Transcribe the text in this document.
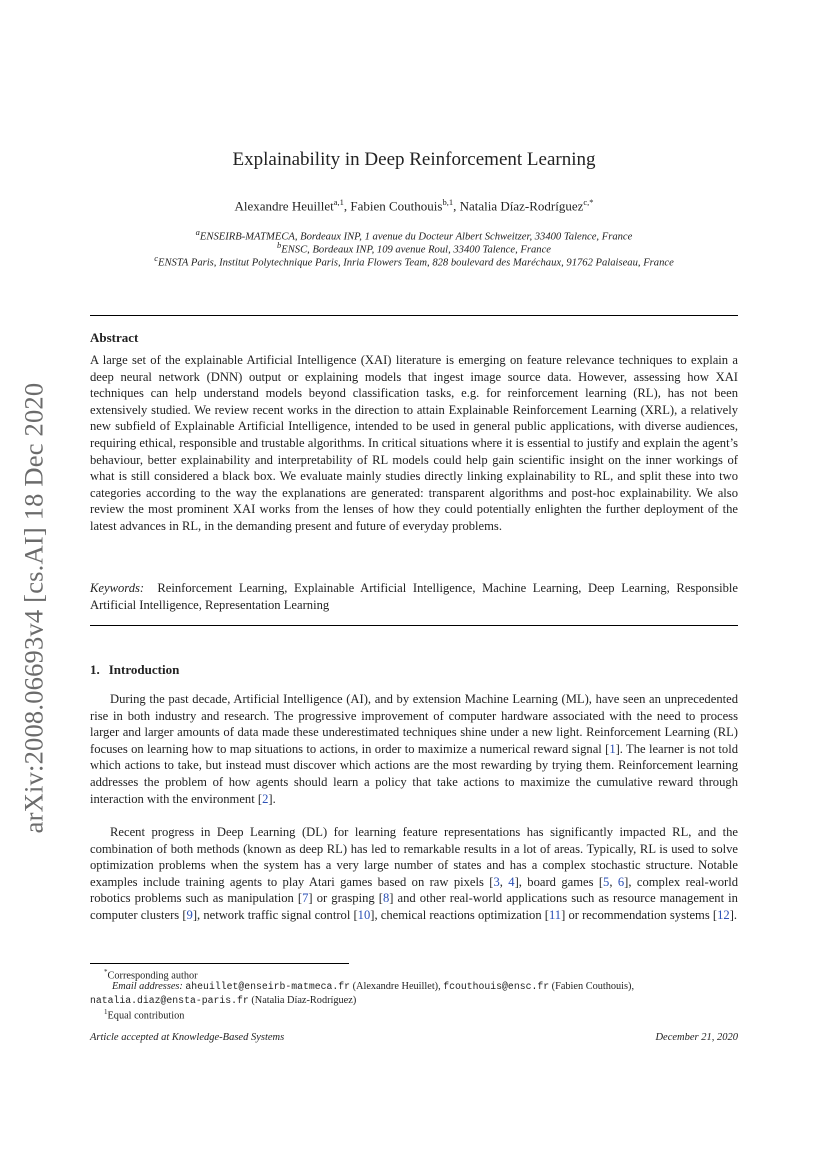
arXiv:2008.06693v4 [cs.AI] 18 Dec 2020
Explainability in Deep Reinforcement Learning
Alexandre Heuillet$^{a,1}$, Fabien Couthouis$^{b,1}$, Natalia Díaz-Rodríguez$^{c,*}$
$^a$ENSEIRB-MATMECA, Bordeaux INP, 1 avenue du Docteur Albert Schweitzer, 33400 Talence, France
$^b$ENSC, Bordeaux INP, 109 avenue Roul, 33400 Talence, France
$^c$ENSTA Paris, Institut Polytechnique Paris, Inria Flowers Team, 828 boulevard des Maréchaux, 91762 Palaiseau, France
Abstract

A large set of the explainable Artificial Intelligence (XAI) literature is emerging on feature relevance techniques to explain a deep neural network (DNN) output or explaining models that ingest image source data. However, assessing how XAI techniques can help understand models beyond classification tasks, e.g. for reinforcement learning (RL), has not been extensively studied. We review recent works in the direction to attain Explainable Reinforcement Learning (XRL), a relatively new subfield of Explainable Artificial Intelligence, intended to be used in general public applications, with diverse audiences, requiring ethical, responsible and trustable algorithms. In critical situations where it is essential to justify and explain the agent’s behaviour, better explainability and interpretability of RL models could help gain scientific insight on the inner workings of what is still considered a black box. We evaluate mainly studies directly linking explainability to RL, and split these into two categories according to the way the explanations are generated: transparent algorithms and post-hoc explainability. We also review the most prominent XAI works from the lenses of how they could potentially enlighten the further deployment of the latest advances in RL, in the demanding present and future of everyday problems.

Keywords: Reinforcement Learning, Explainable Artificial Intelligence, Machine Learning, Deep Learning, Responsible Artificial Intelligence, Representation Learning

1. Introduction

During the past decade, Artificial Intelligence (AI), and by extension Machine Learning (ML), have seen an unprecedented rise in both industry and research. The progressive improvement of computer hardware associated with the need to process larger and larger amounts of data made these underestimated techniques shine under a new light. Reinforcement Learning (RL) focuses on learning how to map situations to actions, in order to maximize a numerical reward signal [1]. The learner is not told which actions to take, but instead must discover which actions are the most rewarding by trying them. Reinforcement learning addresses the problem of how agents should learn a policy that take actions to maximize the cumulative reward through interaction with the environment [2].

Recent progress in Deep Learning (DL) for learning feature representations has significantly impacted RL, and the combination of both methods (known as deep RL) has led to remarkable results in a lot of areas. Typically, RL is used to solve optimization problems when the system has a very large number of states and has a complex stochastic structure. Notable examples include training agents to play Atari games based on raw pixels [3, 4], board games [5, 6], complex real-world robotics problems such as manipulation [7] or grasping [8] and other real-world applications such as resource management in computer clusters [9], network traffic signal control [10], chemical reactions optimization [11] or recommendation systems [12].

*Corresponding author
Email addresses: aheuillet@enseirb-matmeca.fr (Alexandre Heuillet), fcouthouis@ensc.fr (Fabien Couthouis), natalia.diaz@ensta-paris.fr (Natalia Díaz-Rodríguez)
$^1$Equal contribution
Article accepted at Knowledge-Based Systems	December 21, 2020
